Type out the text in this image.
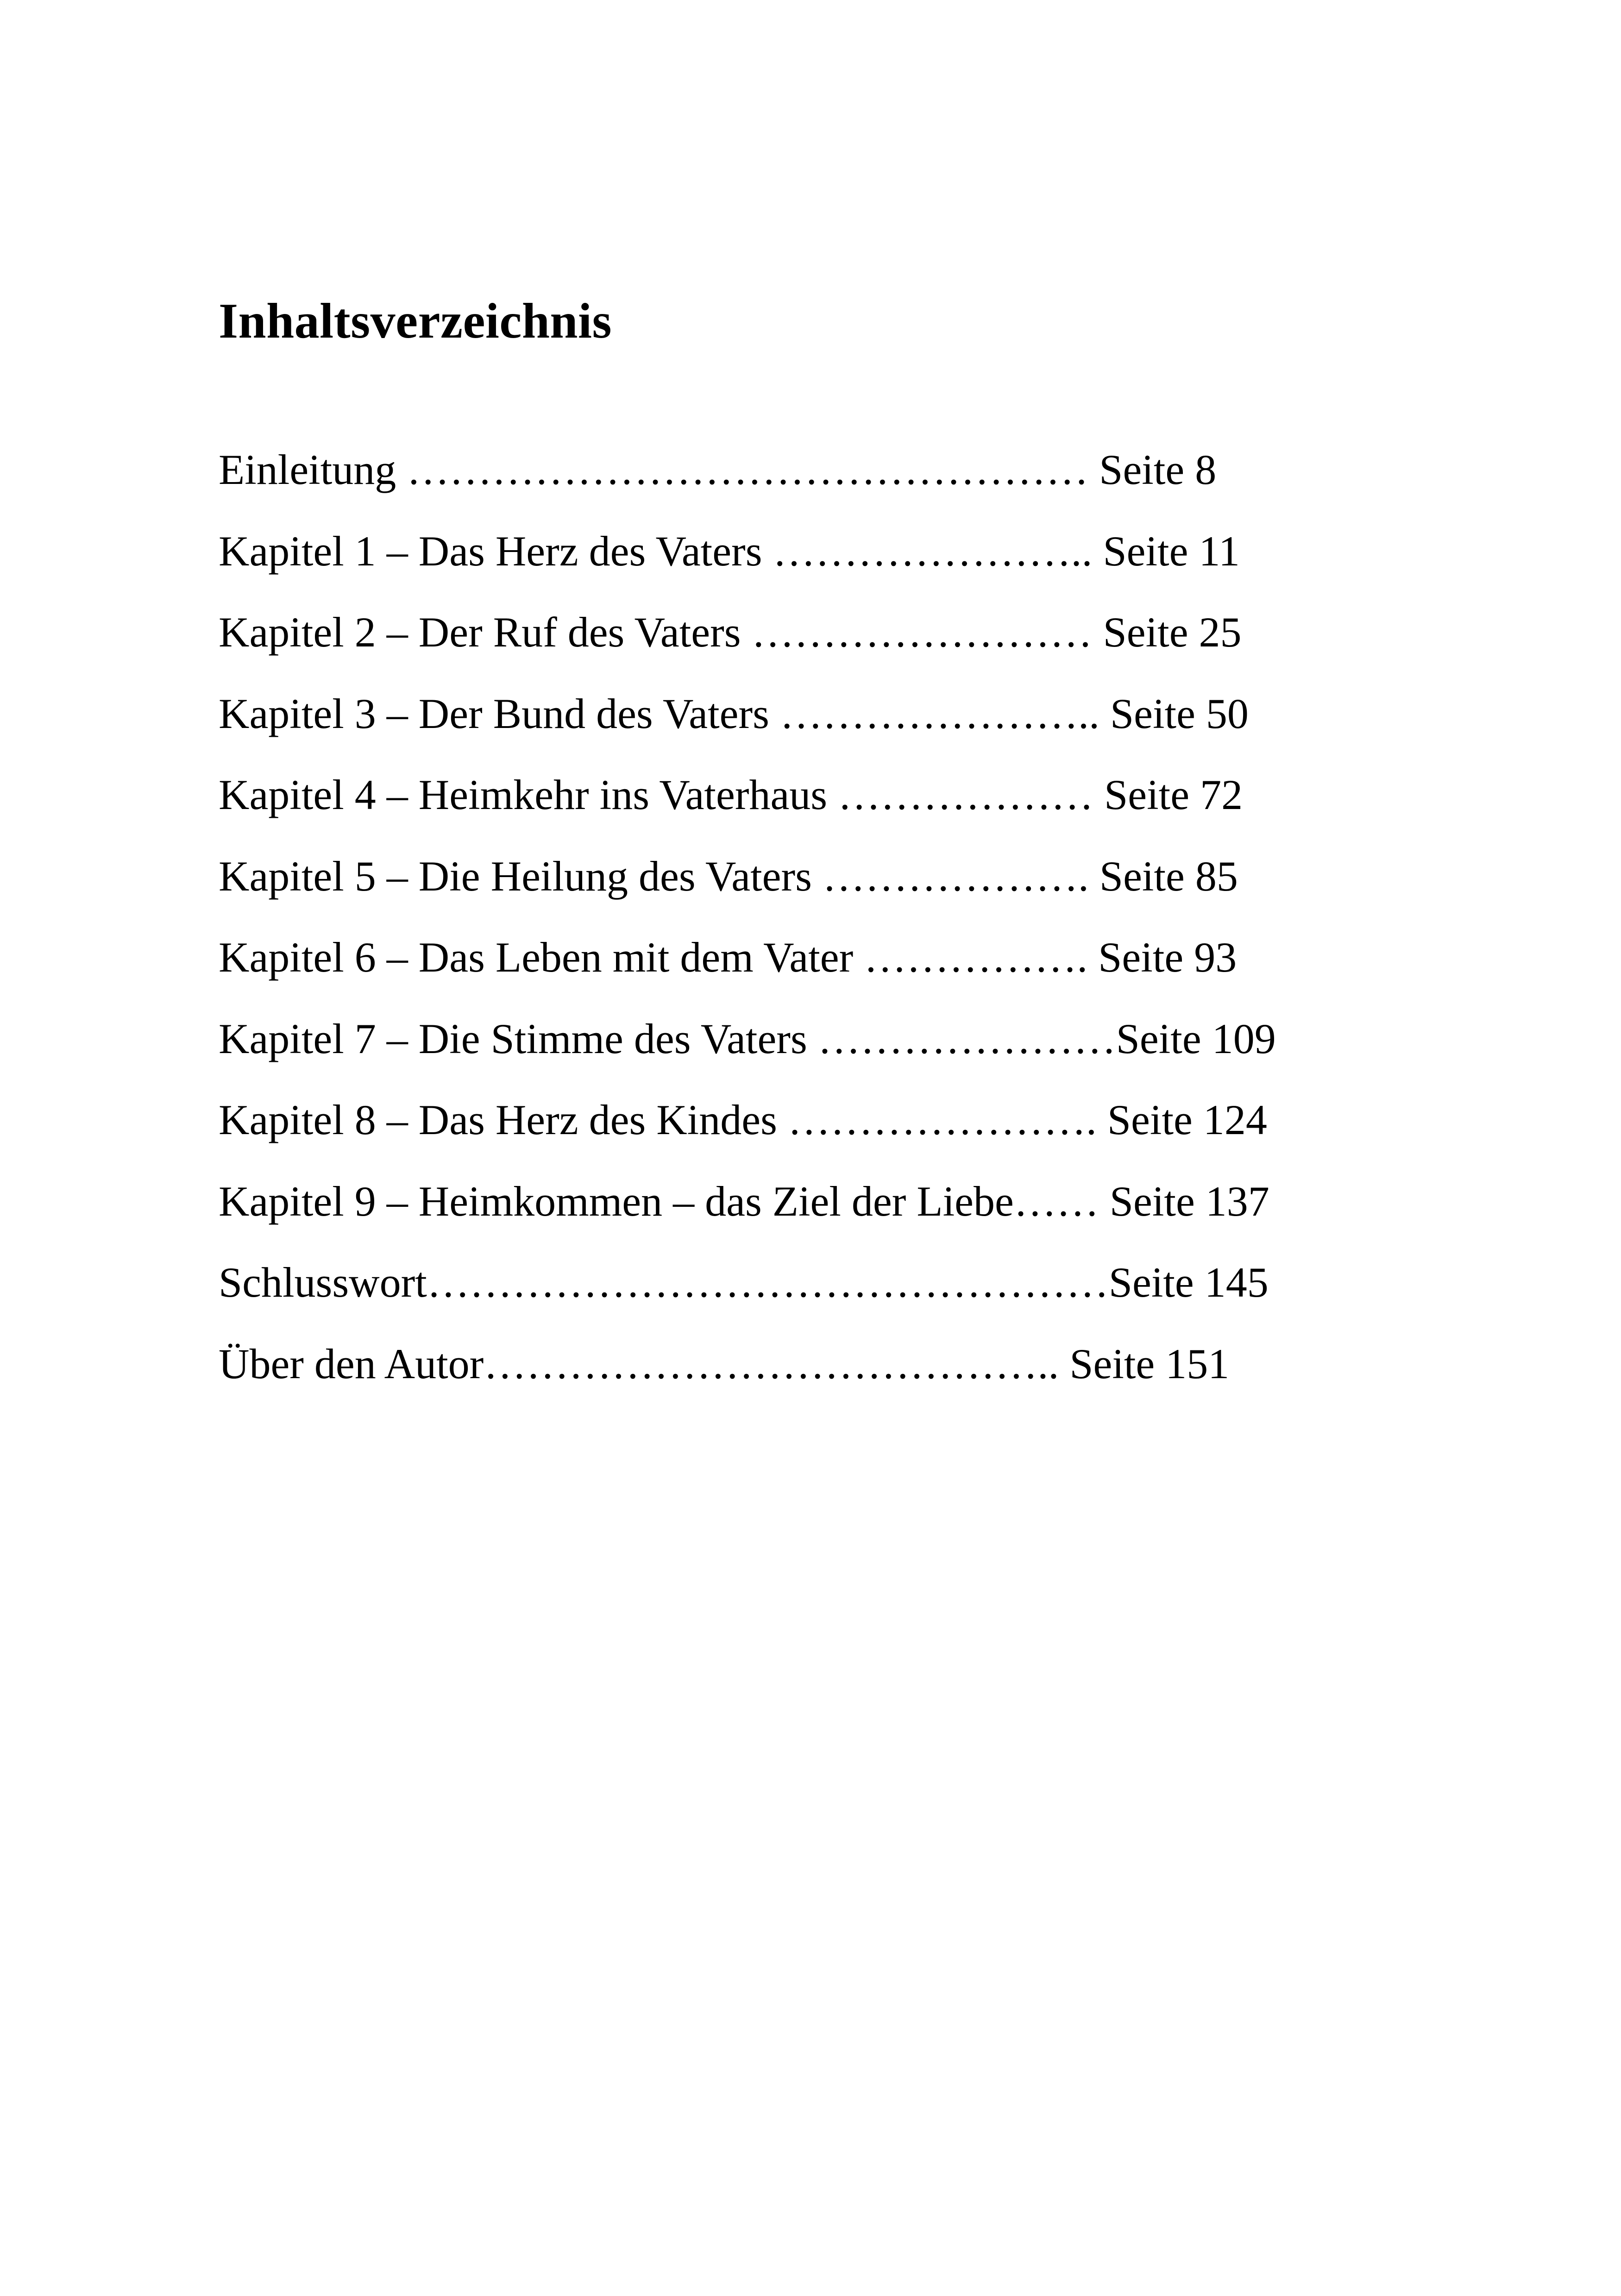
Inhaltsverzeichnis
Einleitung ………………………………………… Seite 8
Kapitel 1 – Das Herz des Vaters ………………….. Seite 11
Kapitel 2 – Der Ruf des Vaters …………………… Seite 25
Kapitel 3 – Der Bund des Vaters ………………….. Seite 50
Kapitel 4 – Heimkehr ins Vaterhaus ……………… Seite 72
Kapitel 5 – Die Heilung des Vaters ………………. Seite 85
Kapitel 6 – Das Leben mit dem Vater ……………. Seite 93
Kapitel 7 – Die Stimme des Vaters …………………Seite 109
Kapitel 8 – Das Herz des Kindes …………………. Seite 124
Kapitel 9 – Heimkommen – das Ziel der Liebe…… Seite 137
Schlusswort…………………………………………Seite 145
Über den Autor………………………………….. Seite 151
